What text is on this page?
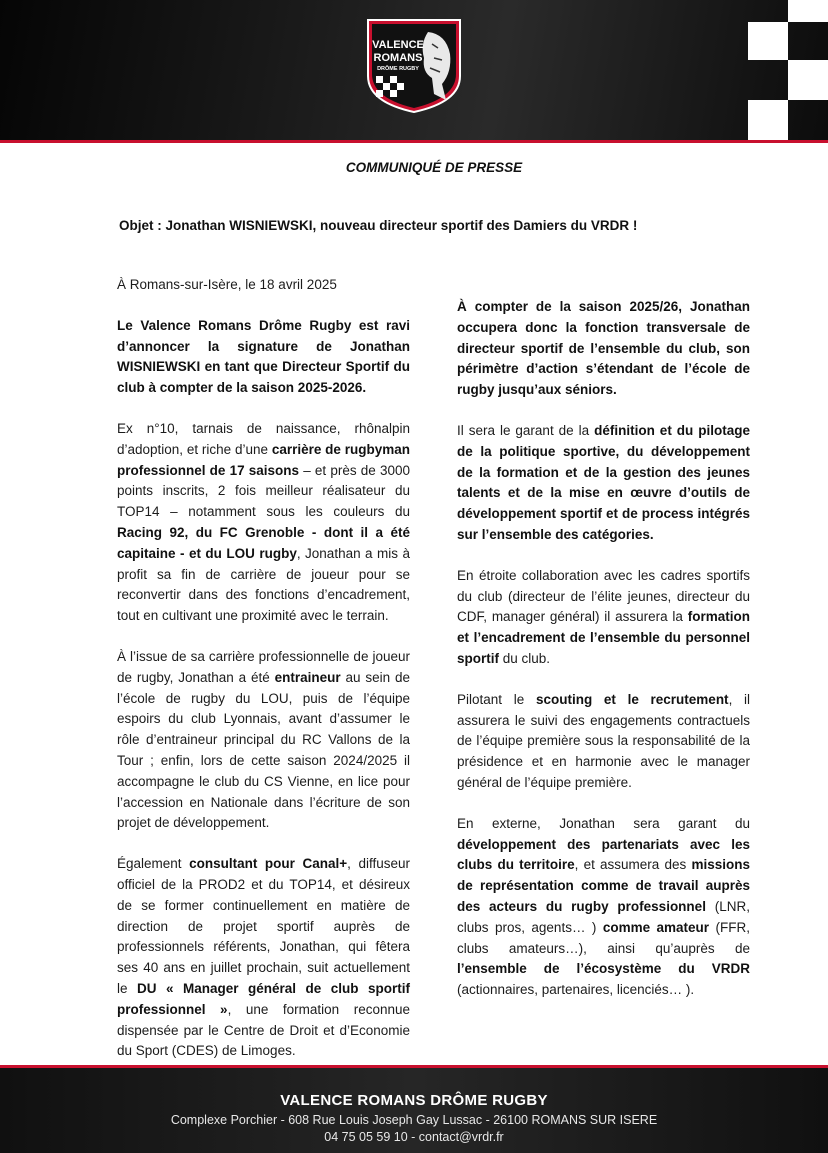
VALENCE
ROMANS
DRÔME RUGBY
COMMUNIQUÉ DE PRESSE
Objet : Jonathan WISNIEWSKI, nouveau directeur sportif des Damiers du VRDR !

À Romans-sur-Isère, le 18 avril 2025

Le Valence Romans Drôme Rugby est ravi d’annoncer la signature de Jonathan WISNIEWSKI en tant que Directeur Sportif du club à compter de la saison 2025-2026.

Ex n°10, tarnais de naissance, rhônalpin d’adoption, et riche d’une carrière de rugbyman professionnel de 17 saisons – et près de 3000 points inscrits, 2 fois meilleur réalisateur du TOP14 – notamment sous les couleurs du Racing 92, du FC Grenoble - dont il a été capitaine - et du LOU rugby, Jonathan a mis à profit sa fin de carrière de joueur pour se reconvertir dans des fonctions d’encadrement, tout en cultivant une proximité avec le terrain.

À l’issue de sa carrière professionnelle de joueur de rugby, Jonathan a été entraineur au sein de l’école de rugby du LOU, puis de l’équipe espoirs du club Lyonnais, avant d’assumer le rôle d’entraineur principal du RC Vallons de la Tour ; enfin, lors de cette saison 2024/2025 il accompagne le club du CS Vienne, en lice pour l’accession en Nationale dans l’écriture de son projet de développement.

Également consultant pour Canal+, diffuseur officiel de la PROD2 et du TOP14, et désireux de se former continuellement en matière de direction de projet sportif auprès de professionnels référents, Jonathan, qui fêtera ses 40 ans en juillet prochain, suit actuellement le DU « Manager général de club sportif professionnel », une formation reconnue dispensée par le Centre de Droit et d’Economie du Sport (CDES) de Limoges.

À compter de la saison 2025/26, Jonathan occupera donc la fonction transversale de directeur sportif de l’ensemble du club, son périmètre d’action s’étendant de l’école de rugby jusqu’aux séniors.

Il sera le garant de la définition et du pilotage de la politique sportive, du développement de la formation et de la gestion des jeunes talents et de la mise en œuvre d’outils de développement sportif et de process intégrés sur l’ensemble des catégories.

En étroite collaboration avec les cadres sportifs du club (directeur de l’élite jeunes, directeur du CDF, manager général) il assurera la formation et l’encadrement de l’ensemble du personnel sportif du club.

Pilotant le scouting et le recrutement, il assurera le suivi des engagements contractuels de l’équipe première sous la responsabilité de la présidence et en harmonie avec le manager général de l’équipe première.

En externe, Jonathan sera garant du développement des partenariats avec les clubs du territoire, et assumera des missions de représentation comme de travail auprès des acteurs du rugby professionnel (LNR, clubs pros, agents… ) comme amateur (FFR, clubs amateurs…), ainsi qu’auprès de l’ensemble de l’écosystème du VRDR (actionnaires, partenaires, licenciés… ).

VALENCE ROMANS DRÔME RUGBY
Complexe Porchier - 608 Rue Louis Joseph Gay Lussac - 26100 ROMANS SUR ISERE
04 75 05 59 10 - contact@vrdr.fr
